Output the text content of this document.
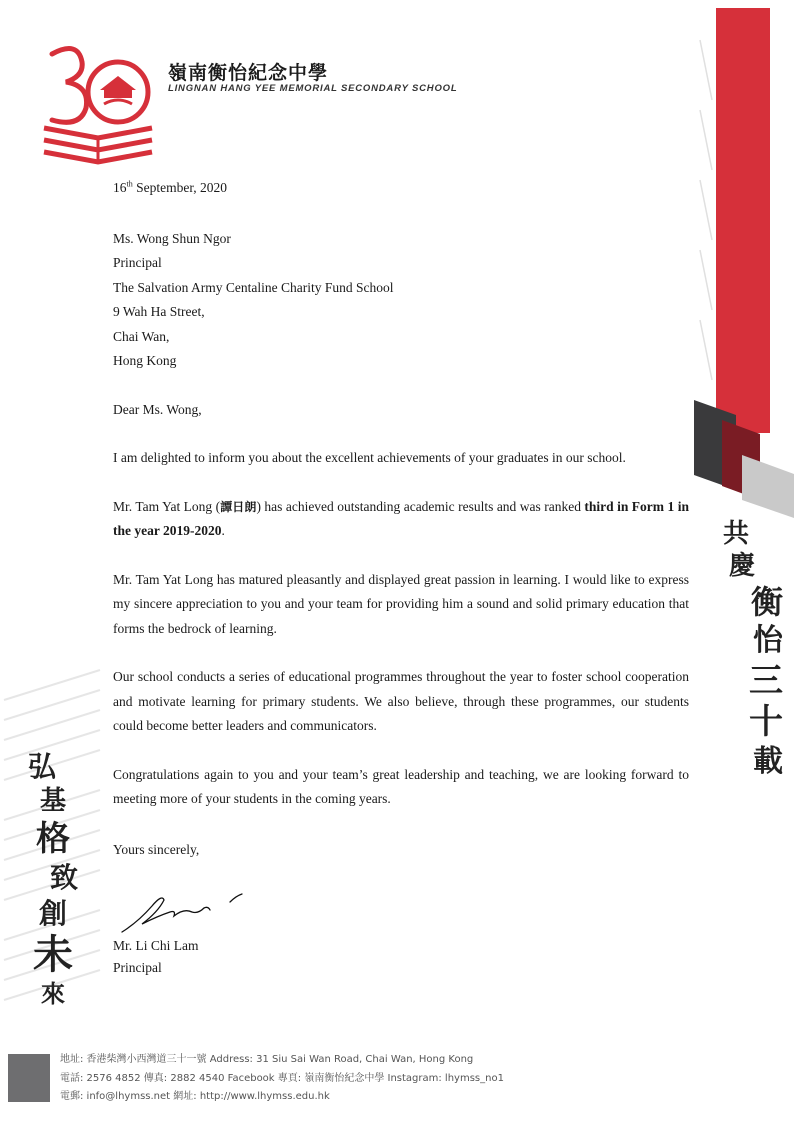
嶺南衡怡紀念中學
LINGNAN HANG YEE MEMORIAL SECONDARY SCHOOL
共
慶
衡
怡
三
十
載
弘
基
格
致
創
未
來

16th September, 2020

Ms. Wong Shun Ngor

Principal

The Salvation Army Centaline Charity Fund School

9 Wah Ha Street,

Chai Wan,

Hong Kong

Dear Ms. Wong,

I am delighted to inform you about the excellent achievements of your graduates in our school.

Mr. Tam Yat Long (譚日朗) has achieved outstanding academic results and was ranked third in Form 1 in the year 2019-2020.

Mr. Tam Yat Long has matured pleasantly and displayed great passion in learning. I would like to express my sincere appreciation to you and your team for providing him a sound and solid primary education that forms the bedrock of learning.

Our school conducts a series of educational programmes throughout the year to foster school cooperation and motivate learning for primary students. We also believe, through these programmes, our students could become better leaders and communicators.

Congratulations again to you and your team’s great leadership and teaching, we are looking forward to meeting more of your students in the coming years.

Yours sincerely,

Mr. Li Chi Lam
Principal
地址: 香港柴灣小西灣道三十一號 Address: 31 Siu Sai Wan Road, Chai Wan, Hong Kong
電話: 2576 4852 傳真: 2882 4540 Facebook 專頁: 嶺南衡怡紀念中學 Instagram: lhymss_no1
電郵: info@lhymss.net 網址: http://www.lhymss.edu.hk
